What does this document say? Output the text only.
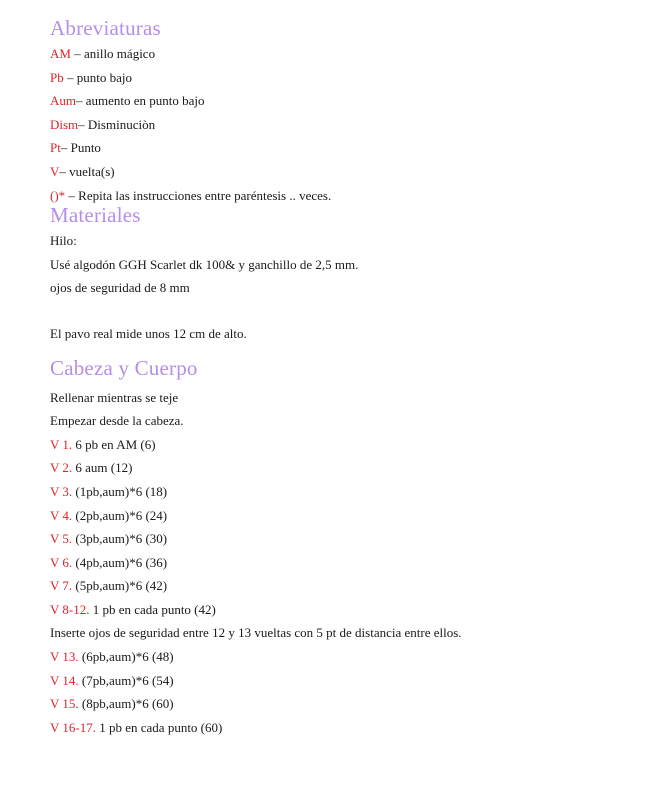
Abreviaturas
AM – anillo mágico
Pb – punto bajo
Aum– aumento en punto bajo
Dism– Disminuciòn
Pt– Punto
V– vuelta(s)
()* – Repita las instrucciones entre paréntesis .. veces.
Materiales
Hilo:
Usé algodón GGH Scarlet dk 100& y ganchillo de 2,5 mm.
ojos de seguridad de 8 mm
El pavo real mide unos 12 cm de alto.
Cabeza y Cuerpo
Rellenar mientras se teje
Empezar desde la cabeza.
V 1. 6 pb en AM (6)
V 2. 6 aum (12)
V 3. (1pb,aum)*6 (18)
V 4. (2pb,aum)*6 (24)
V 5. (3pb,aum)*6 (30)
V 6. (4pb,aum)*6 (36)
V 7. (5pb,aum)*6 (42)
V 8-12. 1 pb en cada punto (42)
Inserte ojos de seguridad entre 12 y 13 vueltas con 5 pt de distancia entre ellos.
V 13. (6pb,aum)*6 (48)
V 14. (7pb,aum)*6 (54)
V 15. (8pb,aum)*6 (60)
V 16-17. 1 pb en cada punto (60)
